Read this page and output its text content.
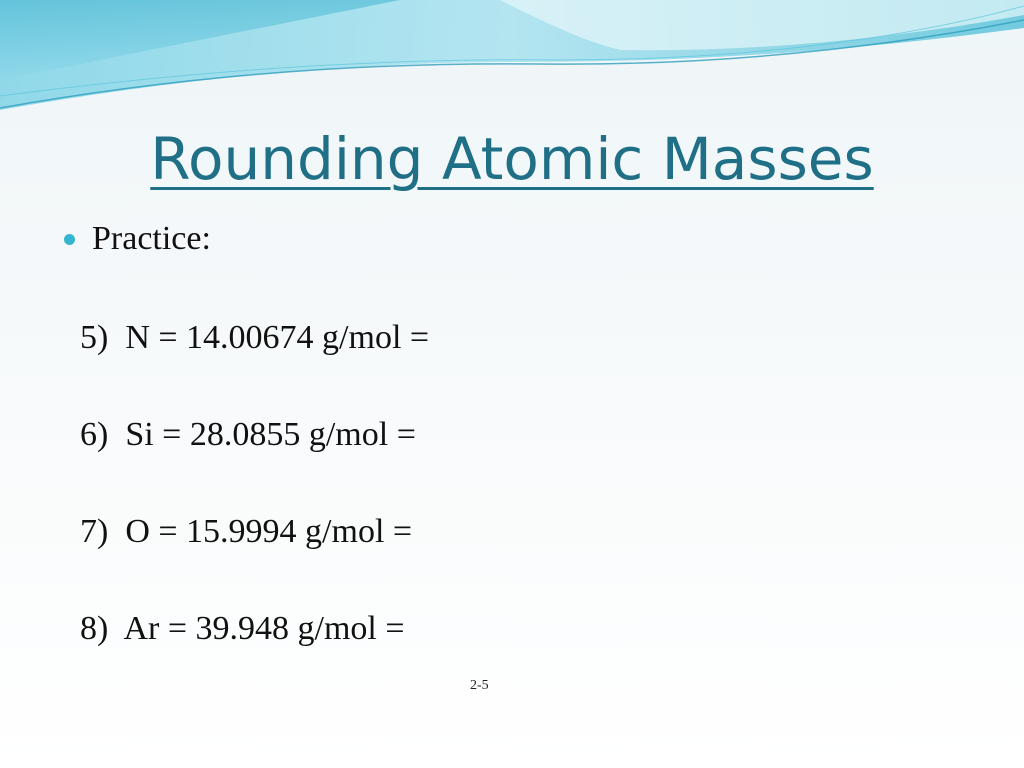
Rounding Atomic Masses
Practice:
5)  N = 14.00674 g/mol =
6)  Si = 28.0855 g/mol =
7)  O = 15.9994 g/mol =
8)  Ar = 39.948 g/mol =
2-5
